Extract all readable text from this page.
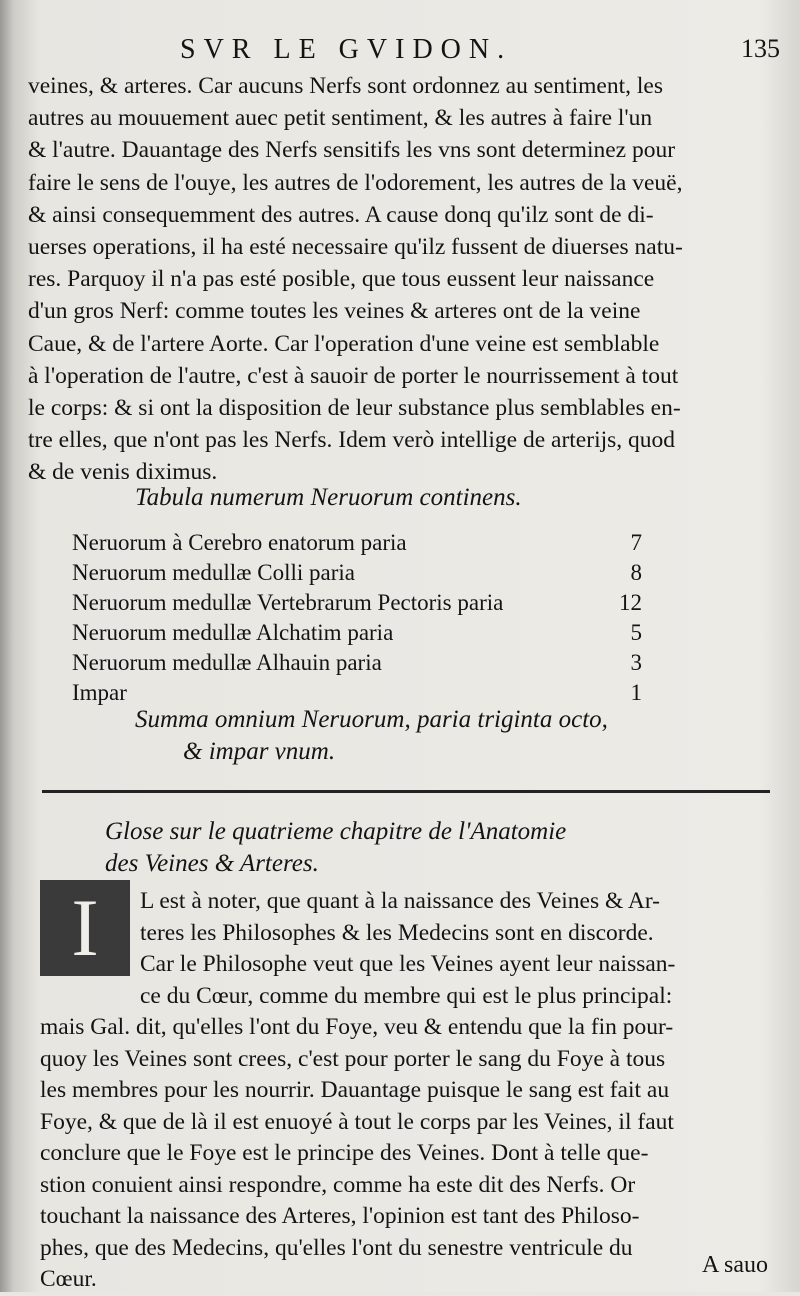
SVR LE GVIDON.	135

veines, & arteres. Car aucuns Nerfs sont ordonnez au sentiment, les

autres au mouuement auec petit sentiment, & les autres à faire l'un

& l'autre. Dauantage des Nerfs sensitifs les vns sont determinez pour

faire le sens de l'ouye, les autres de l'odorement, les autres de la veuë,

& ainsi consequemment des autres. A cause donq qu'ilz sont de di-

uerses operations, il ha esté necessaire qu'ilz fussent de diuerses natu-

res. Parquoy il n'a pas esté posible, que tous eussent leur naissance

d'un gros Nerf: comme toutes les veines & arteres ont de la veine

Caue, & de l'artere Aorte. Car l'operation d'une veine est semblable

à l'operation de l'autre, c'est à sauoir de porter le nourrissement à tout

le corps: & si ont la disposition de leur substance plus semblables en-

tre elles, que n'ont pas les Nerfs. Idem verò intellige de arterijs, quod

& de venis diximus.

Tabula numerum Neruorum continens.
Neruorum à Cerebro enatorum paria	7
Neruorum medullæ Colli paria	8
Neruorum medullæ Vertebrarum Pectoris paria	12
Neruorum medullæ Alchatim paria	5
Neruorum medullæ Alhauin paria	3
Impar	1
Summa omnium Neruorum, paria triginta octo,
& impar vnum.
Glose sur le quatrieme chapitre de l'Anatomie
des Veines & Arteres.
I	L est à noter, que quant à la naissance des Veines & Ar-

teres les Philosophes & les Medecins sont en discorde.

Car le Philosophe veut que les Veines ayent leur naissan-

ce du Cœur, comme du membre qui est le plus principal:

mais Gal. dit, qu'elles l'ont du Foye, veu & entendu que la fin pour-

quoy les Veines sont crees, c'est pour porter le sang du Foye à tous

les membres pour les nourrir. Dauantage puisque le sang est fait au

Foye, & que de là il est enuoyé à tout le corps par les Veines, il faut

conclure que le Foye est le principe des Veines. Dont à telle que-

stion conuient ainsi respondre, comme ha este dit des Nerfs. Or

touchant la naissance des Arteres, l'opinion est tant des Philoso-

phes, que des Medecins, qu'elles l'ont du senestre ventricule du

Cœur.

A sauo
